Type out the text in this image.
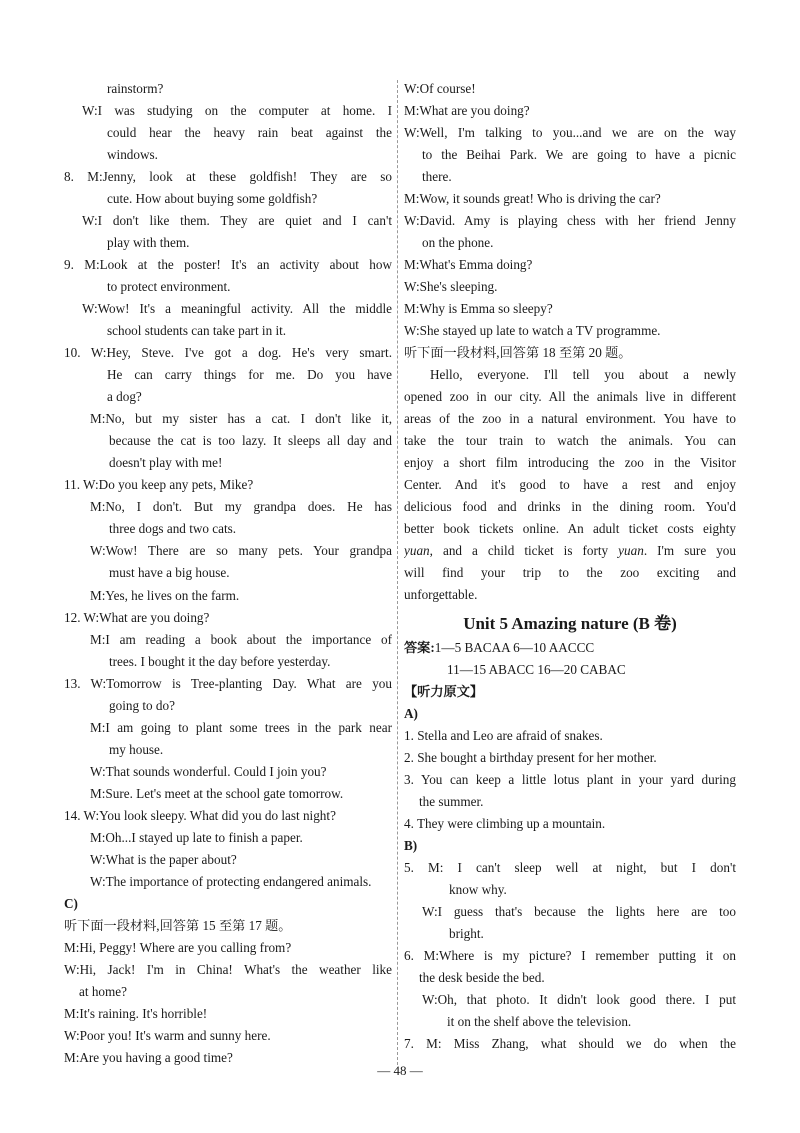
rainstorm?
W:I was studying on the computer at home. I
could hear the heavy rain beat against the
windows.
8. M:Jenny, look at these goldfish! They are so
cute. How about buying some goldfish?
W:I don't like them. They are quiet and I can't
play with them.
9. M:Look at the poster! It's an activity about how
to protect environment.
W:Wow! It's a meaningful activity. All the middle
school students can take part in it.
10. W:Hey, Steve. I've got a dog. He's very smart.
He can carry things for me. Do you have
a dog?
M:No, but my sister has a cat. I don't like it,
because the cat is too lazy. It sleeps all day and
doesn't play with me!
11. W:Do you keep any pets, Mike?
M:No, I don't. But my grandpa does. He has
three dogs and two cats.
W:Wow! There are so many pets. Your grandpa
must have a big house.
M:Yes, he lives on the farm.
12. W:What are you doing?
M:I am reading a book about the importance of
trees. I bought it the day before yesterday.
13. W:Tomorrow is Tree-planting Day. What are you
going to do?
M:I am going to plant some trees in the park near
my house.
W:That sounds wonderful. Could I join you?
M:Sure. Let's meet at the school gate tomorrow.
14. W:You look sleepy. What did you do last night?
M:Oh...I stayed up late to finish a paper.
W:What is the paper about?
W:The importance of protecting endangered animals.
C)
听下面一段材料,回答第 15 至第 17 题。
M:Hi, Peggy! Where are you calling from?
W:Hi, Jack! I'm in China! What's the weather like
at home?
M:It's raining. It's horrible!
W:Poor you! It's warm and sunny here.
M:Are you having a good time?
W:Of course!
M:What are you doing?
W:Well, I'm talking to you...and we are on the way
to the Beihai Park. We are going to have a picnic
there.
M:Wow, it sounds great! Who is driving the car?
W:David. Amy is playing chess with her friend Jenny
on the phone.
M:What's Emma doing?
W:She's sleeping.
M:Why is Emma so sleepy?
W:She stayed up late to watch a TV programme.
听下面一段材料,回答第 18 至第 20 题。
Hello, everyone. I'll tell you about a newly
opened zoo in our city. All the animals live in different
areas of the zoo in a natural environment. You have to
take the tour train to watch the animals. You can
enjoy a short film introducing the zoo in the Visitor
Center. And it's good to have a rest and enjoy
delicious food and drinks in the dining room. You'd
better book tickets online. An adult ticket costs eighty
yuan, and a child ticket is forty yuan. I'm sure you
will find your trip to the zoo exciting and
unforgettable.
Unit 5 Amazing nature (B 卷)
答案:1—5 BACAA 6—10 AACCC
11—15 ABACC 16—20 CABAC
【听力原文】
A)
1. Stella and Leo are afraid of snakes.
2. She bought a birthday present for her mother.
3. You can keep a little lotus plant in your yard during
the summer.
4. They were climbing up a mountain.
B)
5. M: I can't sleep well at night, but I don't
know why.
W:I guess that's because the lights here are too
bright.
6. M:Where is my picture? I remember putting it on
the desk beside the bed.
W:Oh, that photo. It didn't look good there. I put
it on the shelf above the television.
7. M: Miss Zhang, what should we do when the
— 48 —
